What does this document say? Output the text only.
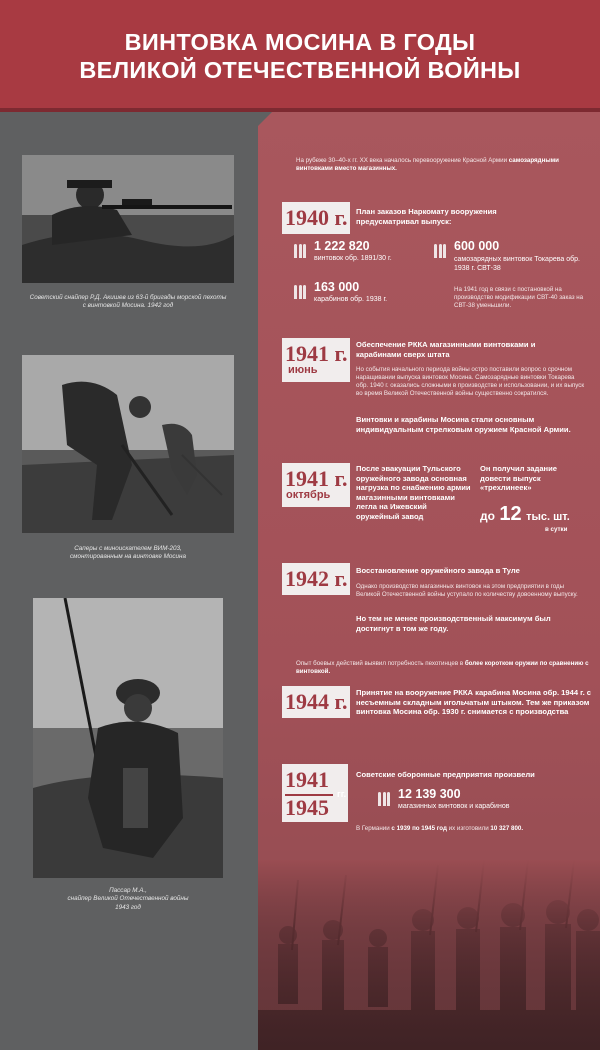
ВИНТОВКА МОСИНА В ГОДЫ
ВЕЛИКОЙ ОТЕЧЕСТВЕННОЙ ВОЙНЫ
Советский снайпер Р.Д. Акишев из 63-й бригады морской пехоты с винтовкой Мосина. 1942 год
Саперы с миноискателем ВИМ-203,
смонтированным на винтовке Мосина
Пассар М.А.,
снайпер Великой Отечественной войны
1943 год
На рубеже 30–40-х гг. XX века началось перевооружение Красной Армии самозарядными винтовками вместо магазинных.
1940 г. План заказов Наркомату вооружения предусматривал выпуск:
1 222 820
винтовок обр. 1891/30 г.
600 000
самозарядных винтовок Токарева обр. 1938 г. СВТ-38
163 000
карабинов обр. 1938 г.
На 1941 год в связи с постановкой на производство модификации СВТ-40 заказ на СВТ-38 уменьшили.
1941 г.
июнь
Обеспечение РККА магазинными винтовками и карабинами сверх штата
Но события начального периода войны остро поставили вопрос о срочном наращивании выпуска винтовок Мосина. Самозарядные винтовки Токарева обр. 1940 г. оказались сложными в производстве и использовании, и их выпуск во время Великой Отечественной войны существенно сократился.
Винтовки и карабины Мосина стали основным индивидуальным стрелковым оружием Красной Армии.
1941 г.
октябрь
После эвакуации Тульского оружейного завода основная нагрузка по снабжению армии магазинными винтовками легла на Ижевский оружейный завод
Он получил задание довести выпуск «трехлинеек»
до 12 тыс. шт.
в сутки
1942 г. Восстановление оружейного завода в Туле
Однако производство магазинных винтовок на этом предприятии в годы Великой Отечественной войны уступало по количеству довоенному выпуску.
Но тем не менее производственный максимум был достигнут в том же году.
Опыт боевых действий выявил потребность пехотинцев в более коротком оружии по сравнению с винтовкой.
1944 г. Принятие на вооружение РККА карабина Мосина обр. 1944 г. с несъемным складным игольчатым штыком. Тем же приказом винтовка Мосина обр. 1930 г. снимается с производства
1941
1945
гг.
Советские оборонные предприятия произвели
12 139 300
магазинных винтовок и карабинов
В Германии с 1939 по 1945 год их изготовили 10 327 800.
